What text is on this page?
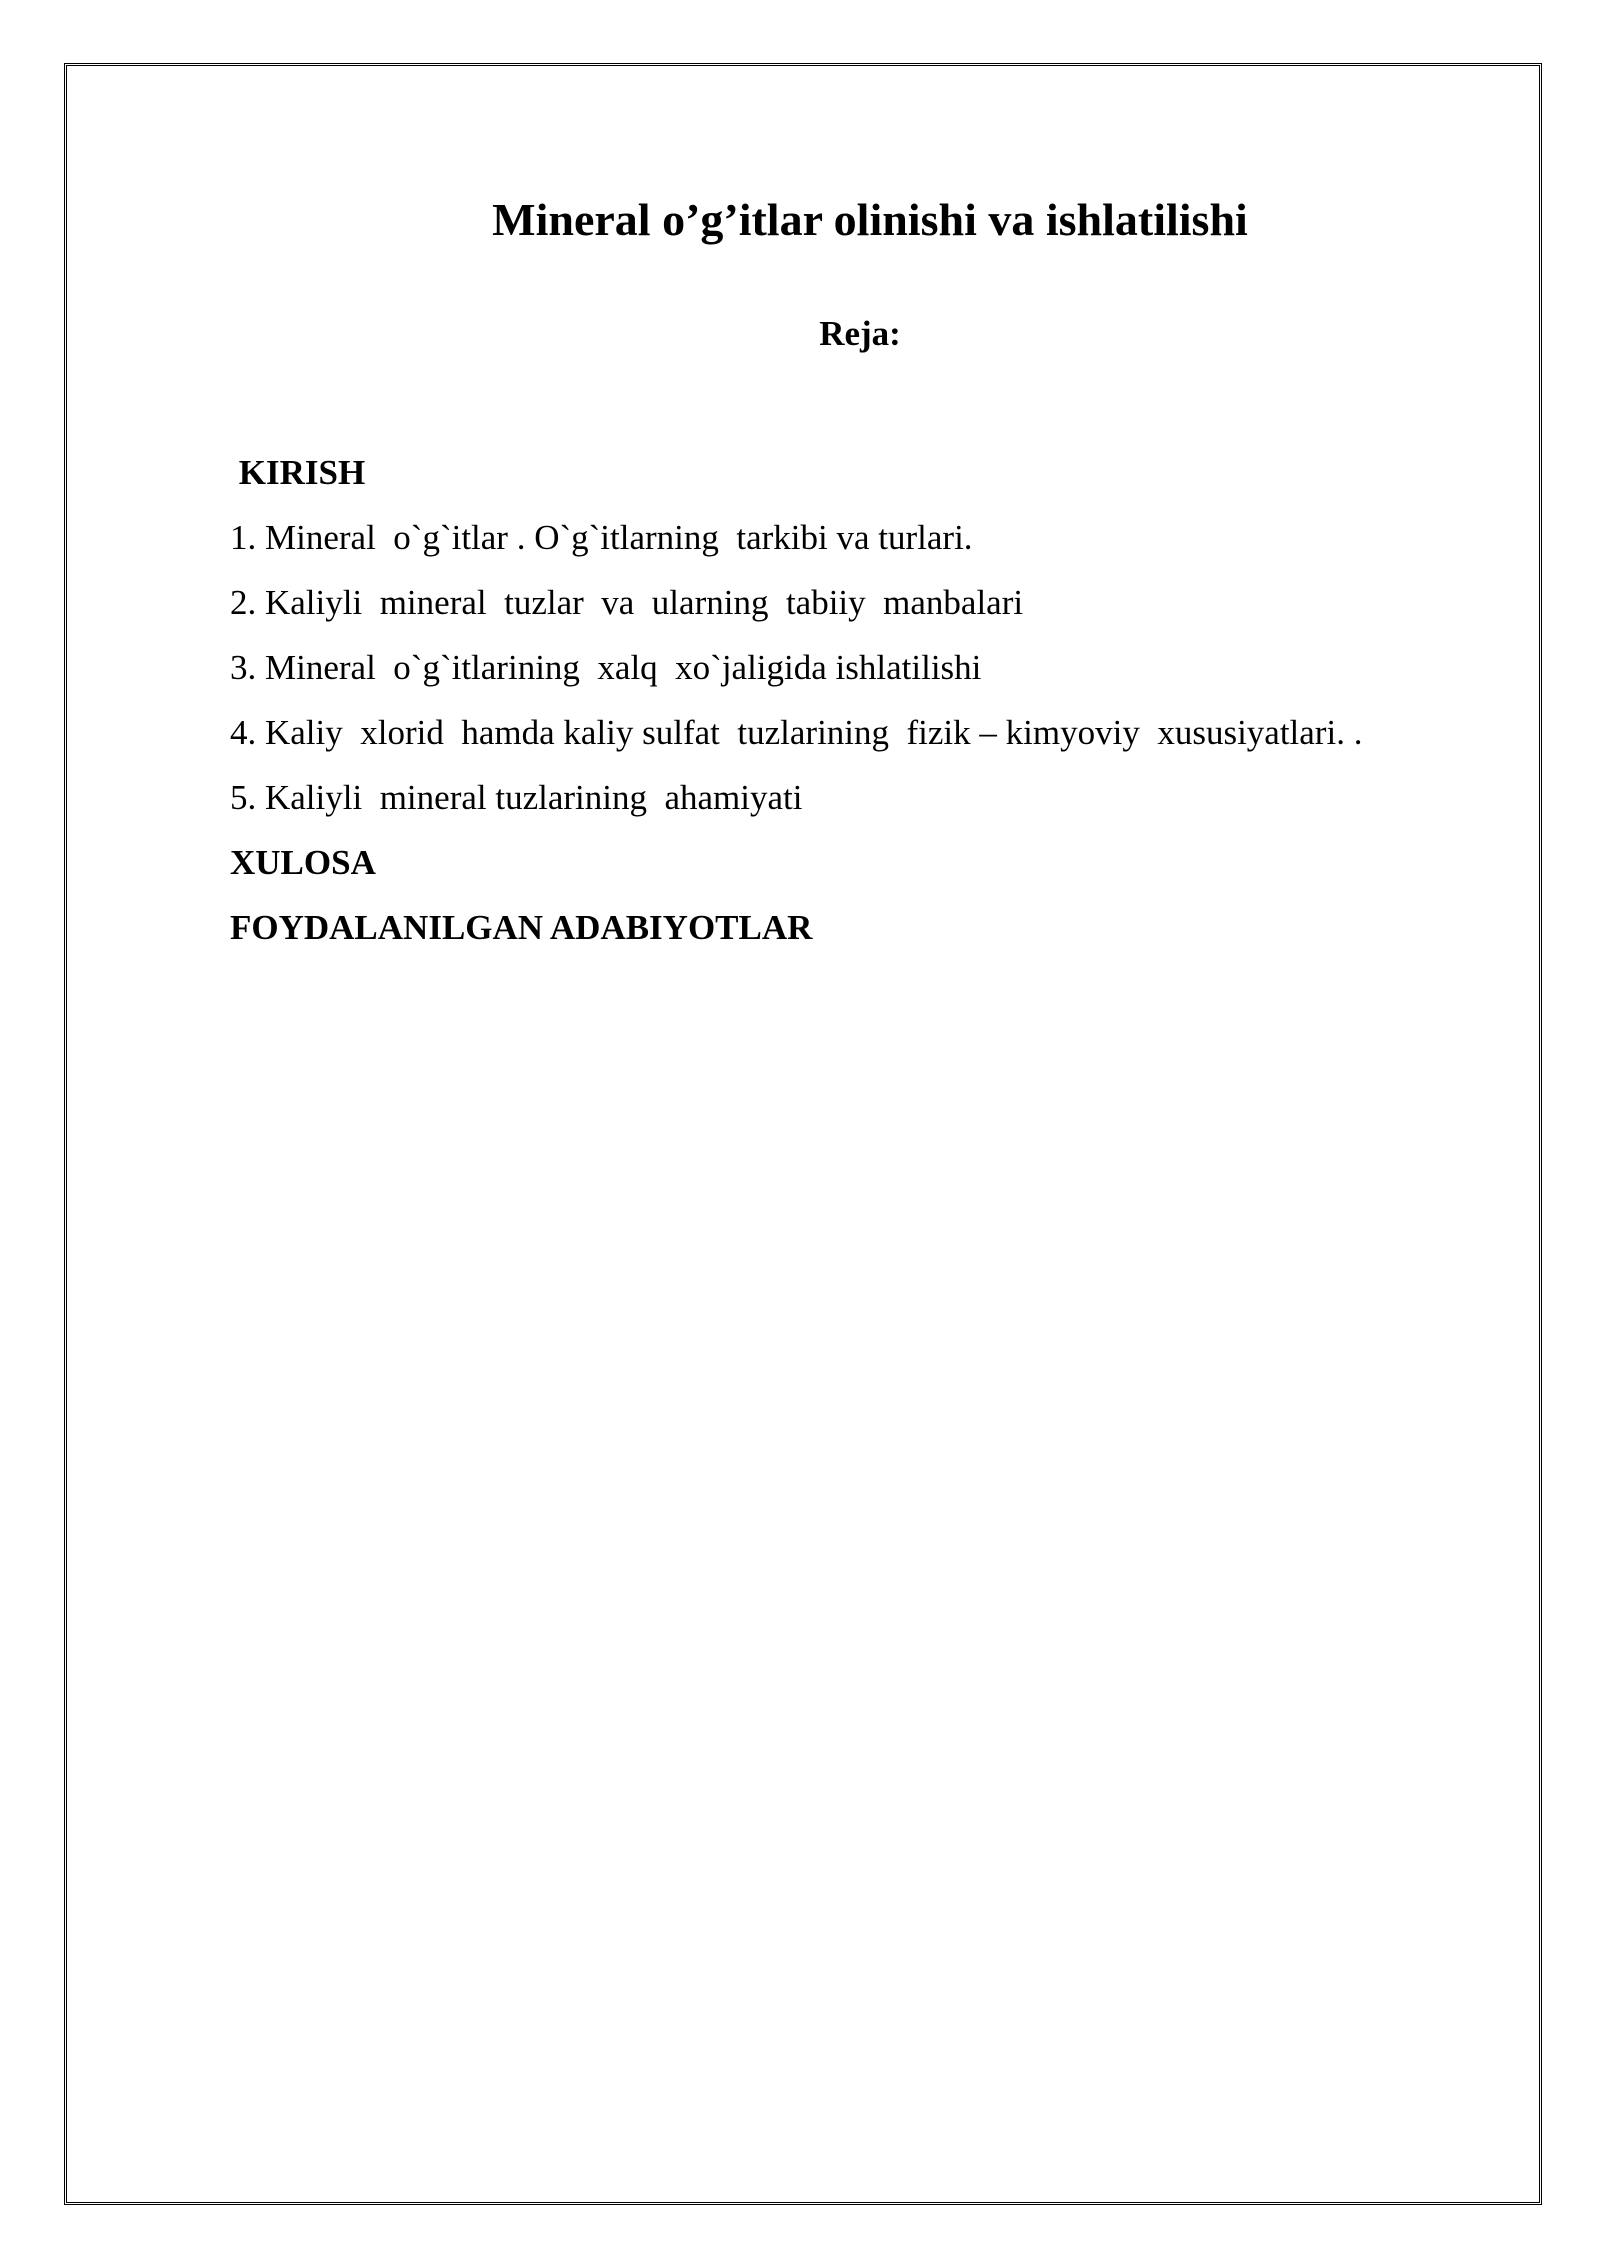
Mineral o’g’itlar olinishi va ishlatilishi
Reja:
KIRISH
1. Mineral  o`g`itlar . O`g`itlarning  tarkibi va turlari.
2. Kaliyli  mineral  tuzlar  va  ularning  tabiiy  manbalari
3. Mineral  o`g`itlarining  xalq  xo`jaligida ishlatilishi
4. Kaliy  xlorid  hamda kaliy sulfat  tuzlarining  fizik – kimyoviy  xususiyatlari. .
5. Kaliyli  mineral tuzlarining  ahamiyati
XULOSA
FOYDALANILGAN ADABIYOTLAR
